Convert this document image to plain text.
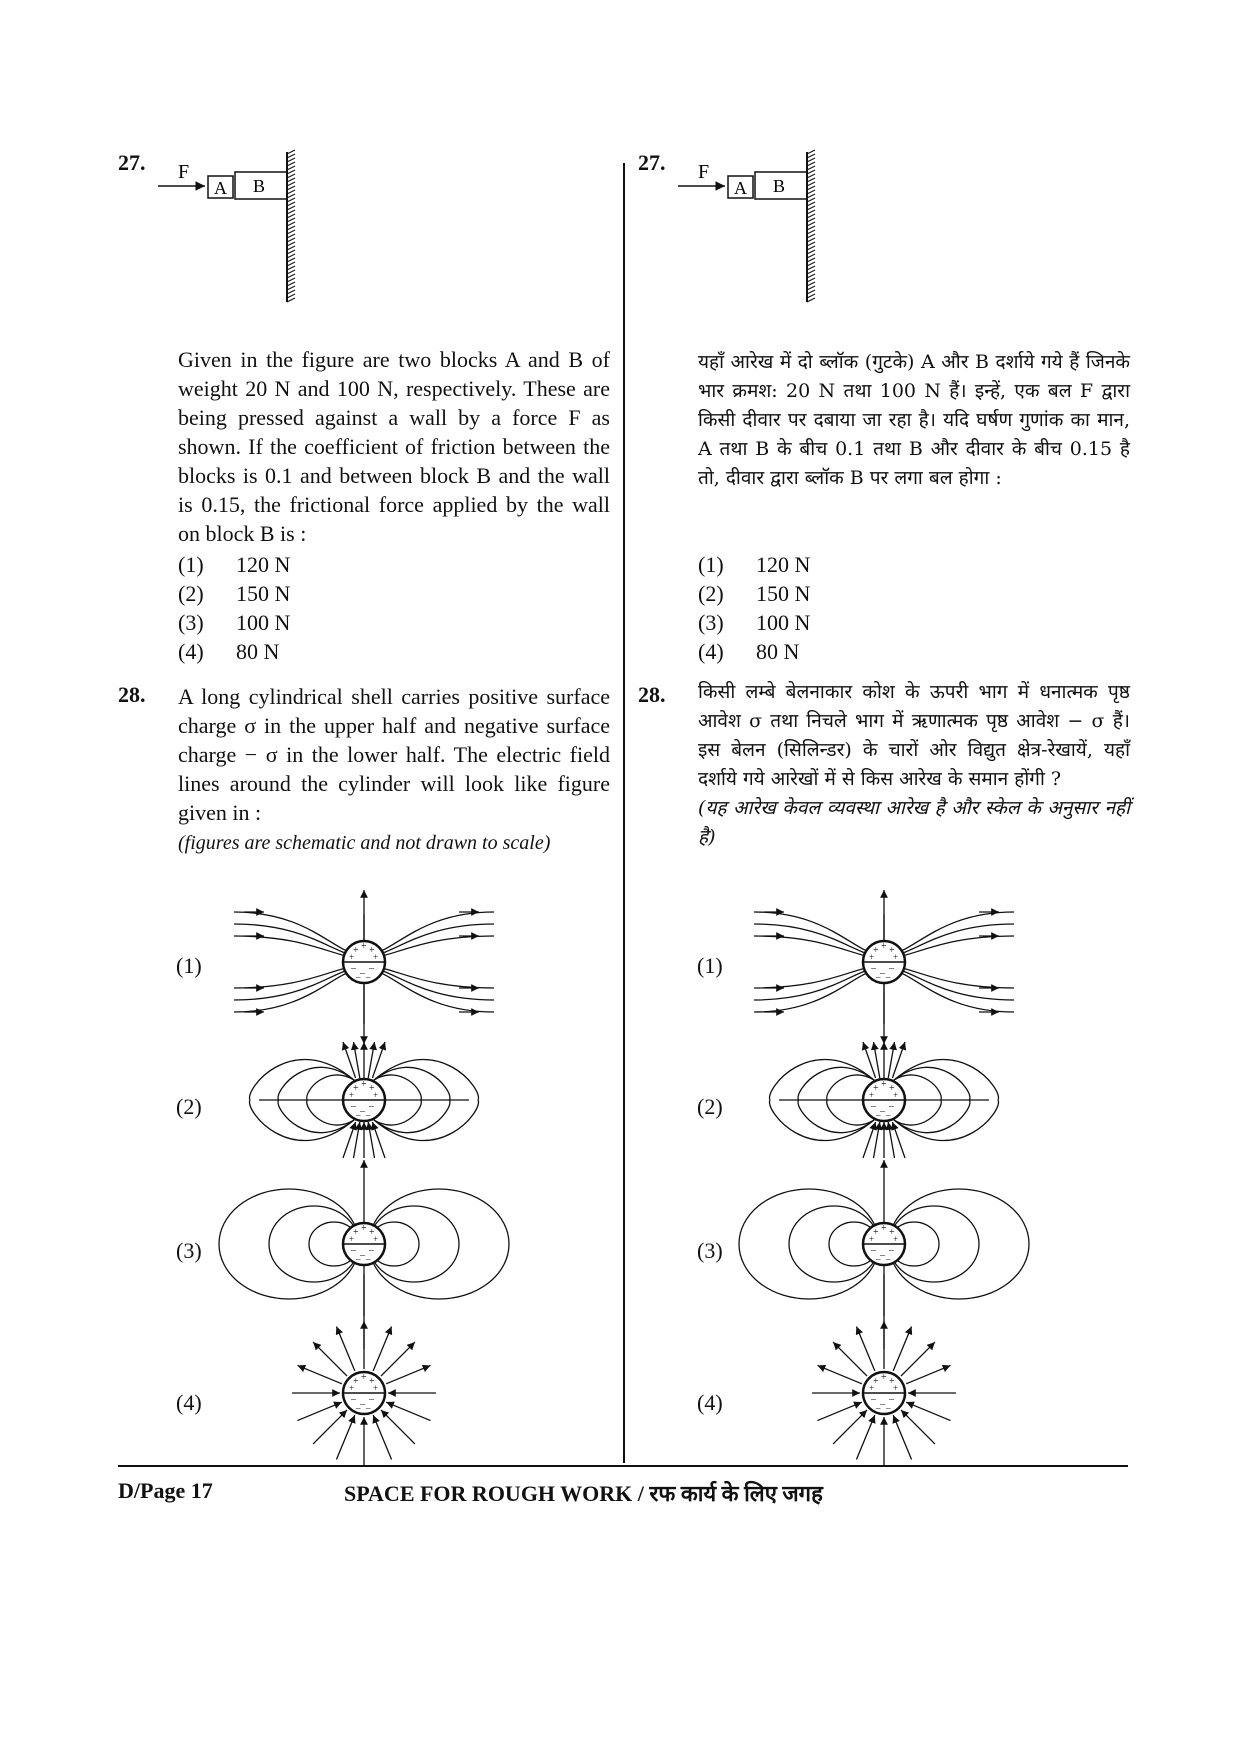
27. F
A B
Given in the figure are two blocks A and B of weight 20 N and 100 N, respectively. These are being pressed against a wall by a force F as shown. If the coefficient of friction between the blocks is 0.1 and between block B and the wall is 0.15, the frictional force applied by the wall on block B is :
(1)	120 N
(2)	150 N
(3)	100 N
(4)	80 N
28. A long cylindrical shell carries positive surface charge σ in the upper half and negative surface charge − σ in the lower half. The electric field lines around the cylinder will look like figure given in :
(figures are schematic and not drawn to scale)
27. F
A B
यहाँ आरेख में दो ब्लॉक (गुटके) A और B दर्शाये गये हैं जिनके भार क्रमश: 20 N तथा 100 N हैं। इन्हें, एक बल F द्वारा किसी दीवार पर दबाया जा रहा है। यदि घर्षण गुणांक का मान, A तथा B के बीच 0.1 तथा B और दीवार के बीच 0.15 है तो, दीवार द्वारा ब्लॉक B पर लगा बल होगा :
(1)	120 N
(2)	150 N
(3)	100 N
(4)	80 N
28. किसी लम्बे बेलनाकार कोश के ऊपरी भाग में धनात्मक पृष्ठ आवेश σ तथा निचले भाग में ऋणात्मक पृष्ठ आवेश − σ हैं। इस बेलन (सिलिन्डर) के चारों ओर विद्युत क्षेत्र-रेखायें, यहाँ दर्शाये गये आरेखों में से किस आरेख के समान होंगी ?
(यह आरेख केवल व्यवस्था आरेख है और स्केल के अनुसार नहीं है)
(1)
(2)
(3)
(4)
(1)
(2)
(3)
(4)
D/Page 17	SPACE FOR ROUGH WORK / रफ कार्य के लिए जगह
